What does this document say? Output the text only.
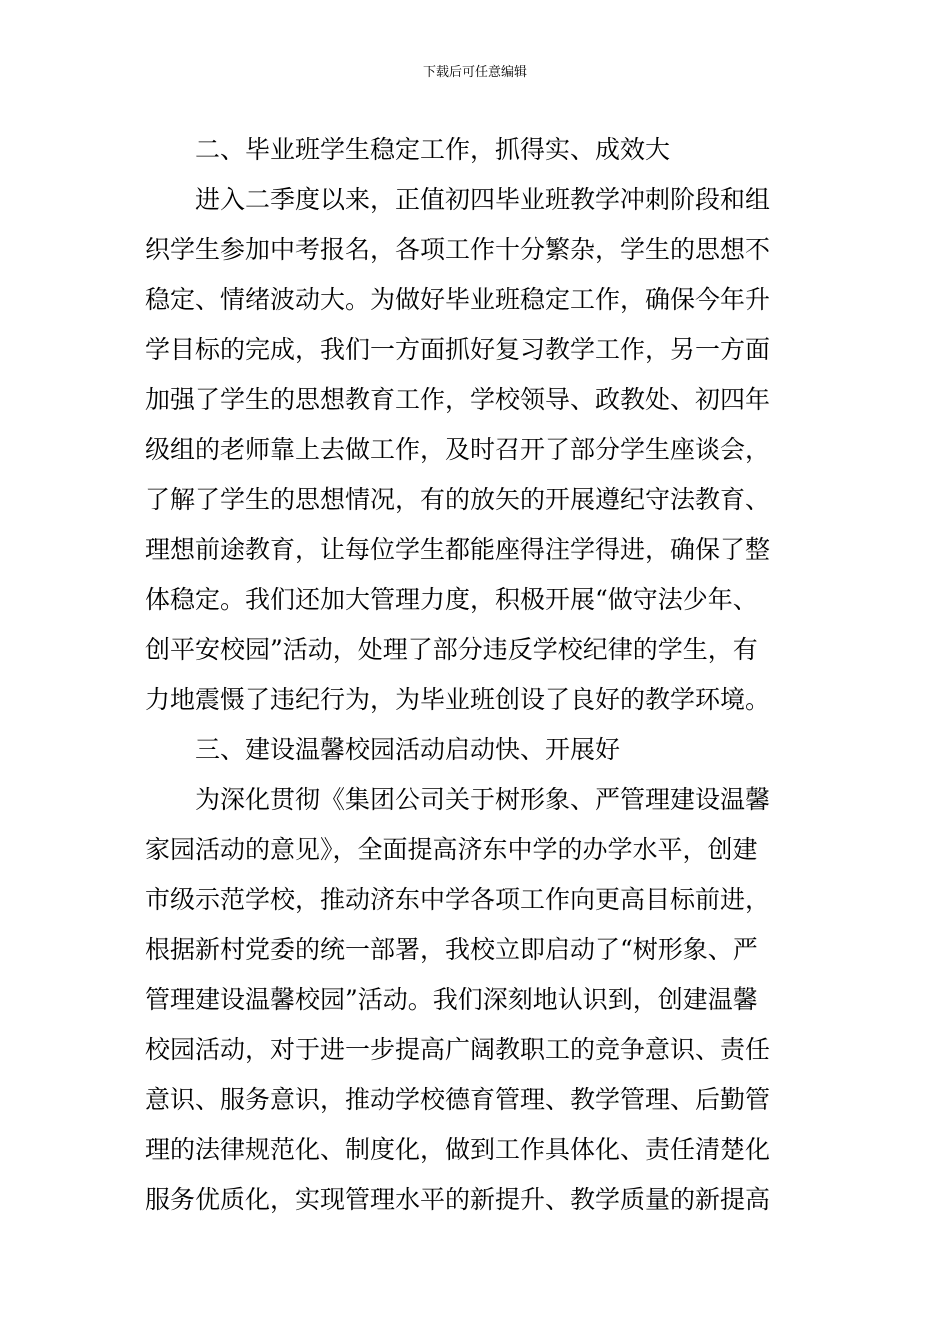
下载后可任意编辑
　　二、毕业班学生稳定工作，抓得实、成效大
　　进入二季度以来，正值初四毕业班教学冲刺阶段和组
织学生参加中考报名，各项工作十分繁杂，学生的思想不
稳定、情绪波动大。为做好毕业班稳定工作，确保今年升
学目标的完成，我们一方面抓好复习教学工作，另一方面
加强了学生的思想教育工作，学校领导、政教处、初四年
级组的老师靠上去做工作，及时召开了部分学生座谈会，
了解了学生的思想情况，有的放矢的开展遵纪守法教育、
理想前途教育，让每位学生都能座得注学得进，确保了整
体稳定。我们还加大管理力度，积极开展“做守法少年、
创平安校园”活动，处理了部分违反学校纪律的学生，有
力地震慑了违纪行为，为毕业班创设了良好的教学环境。
　　三、建设温馨校园活动启动快、开展好
　　为深化贯彻《集团公司关于树形象、严管理建设温馨
家园活动的意见》，全面提高济东中学的办学水平，创建
市级示范学校，推动济东中学各项工作向更高目标前进，
根据新村党委的统一部署，我校立即启动了“树形象、严
管理建设温馨校园”活动。我们深刻地认识到，创建温馨
校园活动，对于进一步提高广阔教职工的竞争意识、责任
意识、服务意识，推动学校德育管理、教学管理、后勤管
理的法律规范化、制度化，做到工作具体化、责任清楚化
服务优质化，实现管理水平的新提升、教学质量的新提高
